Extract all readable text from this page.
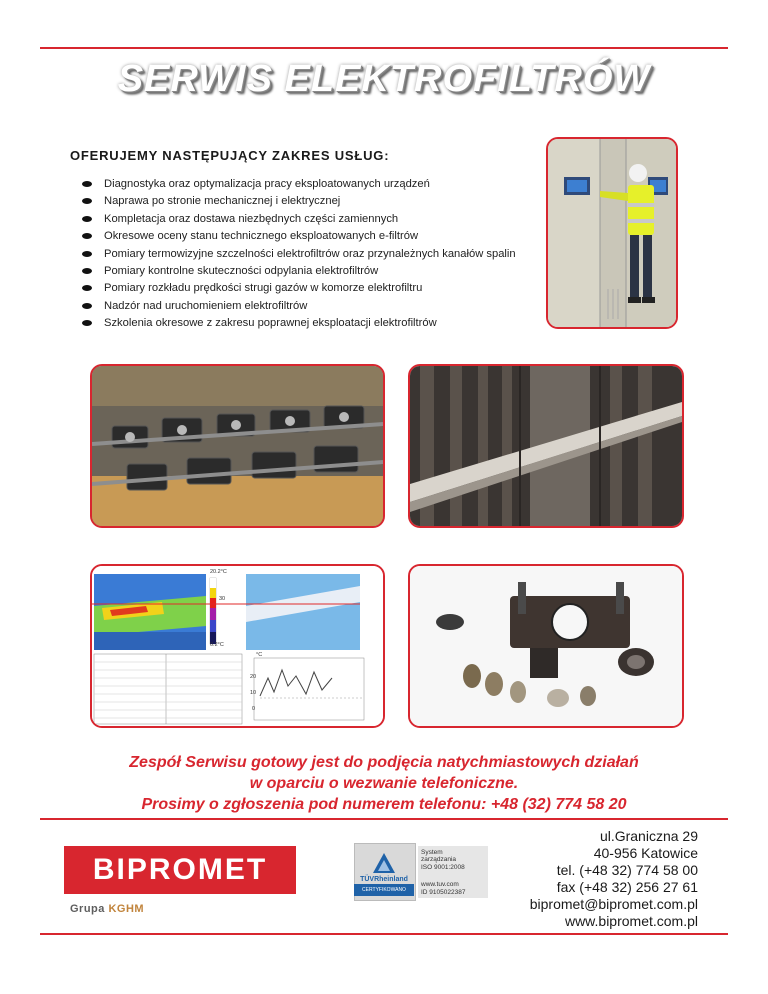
SERWIS ELEKTROFILTRÓW
OFERUJEMY NASTĘPUJĄCY ZAKRES USŁUG:
Diagnostyka oraz optymalizacja pracy eksploatowanych urządzeń
Naprawa po stronie mechanicznej i elektrycznej
Kompletacja oraz dostawa niezbędnych części zamiennych
Okresowe oceny stanu technicznego eksploatowanych e-filtrów
Pomiary termowizyjne szczelności elektrofiltrów oraz przynależnych kanałów spalin
Pomiary kontrolne skuteczności odpylania elektrofiltrów
Pomiary rozkładu prędkości strugi gazów w komorze elektrofiltru
Nadzór nad uruchomieniem elektrofiltrów
Szkolenia okresowe z zakresu poprawnej eksploatacji elektrofiltrów
20.2°C
30
0.2°C
°C
20
10
0
Zespół Serwisu gotowy jest do podjęcia natychmiastowych działań
w oparciu o wezwanie telefoniczne.
Prosimy o zgłoszenia pod numerem telefonu: +48 (32) 774 58 20
BIPROMET
Grupa KGHM
TÜVRheinland
CERTYFIKOWANO
System
zarządzania
ISO 9001:2008
www.tuv.com
ID 9105022387
ul.Graniczna 29
40-956 Katowice
tel. (+48 32) 774 58 00
fax (+48 32) 256 27 61
bipromet@bipromet.com.pl
www.bipromet.com.pl
